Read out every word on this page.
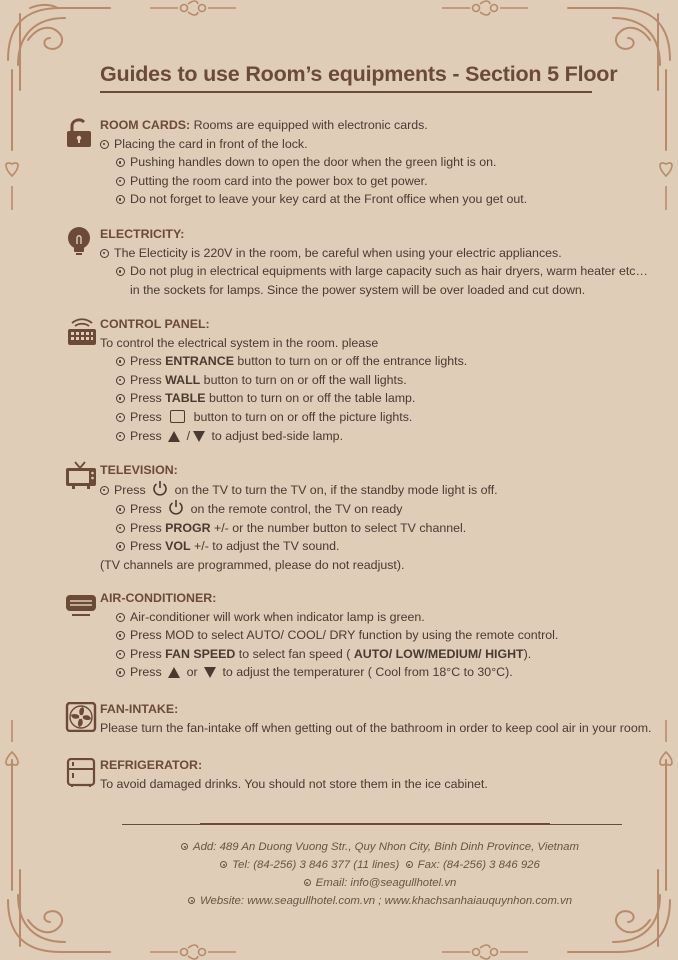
Guides to use Room’s equipments - Section 5 Floor
ROOM CARDS: Rooms are equipped with electronic cards.
Placing the card in front of the lock.
Pushing handles down to open the door when the green light is on.
Putting the room card into the power box to get power.
Do not forget to leave your key card at the Front office when you get out.
ELECTRICITY:
The Electicity is 220V in the room, be careful when using your electric appliances.
Do not plug in electrical equipments with large capacity such as hair dryers, warm heater etc…
in the sockets for lamps. Since the power system will be over loaded and cut down.
CONTROL PANEL:
To control the electrical system in the room. please
Press ENTRANCE button to turn on or off the entrance lights.
Press WALL button to turn on or off the wall lights.
Press TABLE button to turn on or off the table lamp.
Press  button to turn on or off the picture lights.
Press  / to adjust bed-side lamp.
TELEVISION:
Press  on the TV to turn the TV on, if the standby mode light is off.
Press  on the remote control, the TV on ready
Press PROGR +/- or the number button to select TV channel.
Press VOL +/- to adjust the TV sound.
(TV channels are programmed, please do not readjust).
AIR-CONDITIONER:
Air-conditioner will work when indicator lamp is green.
Press MOD to select AUTO/ COOL/ DRY function by using the remote control.
Press FAN SPEED to select fan speed ( AUTO/ LOW/MEDIUM/ HIGHT).
Press  or  to adjust the temperaturer ( Cool from 18°C to 30°C).
FAN-INTAKE:
Please turn the fan-intake off when getting out of the bathroom in order to keep cool air in your room.
REFRIGERATOR:
To avoid damaged drinks. You should not store them in the ice cabinet.
Add: 489 An Duong Vuong Str., Quy Nhon City, Binh Dinh Province, Vietnam
Tel: (84-256) 3 846 377 (11 lines) Fax: (84-256) 3 846 926
Email: info@seagullhotel.vn
Website: www.seagullhotel.com.vn ; www.khachsanhaiauquynhon.com.vn
